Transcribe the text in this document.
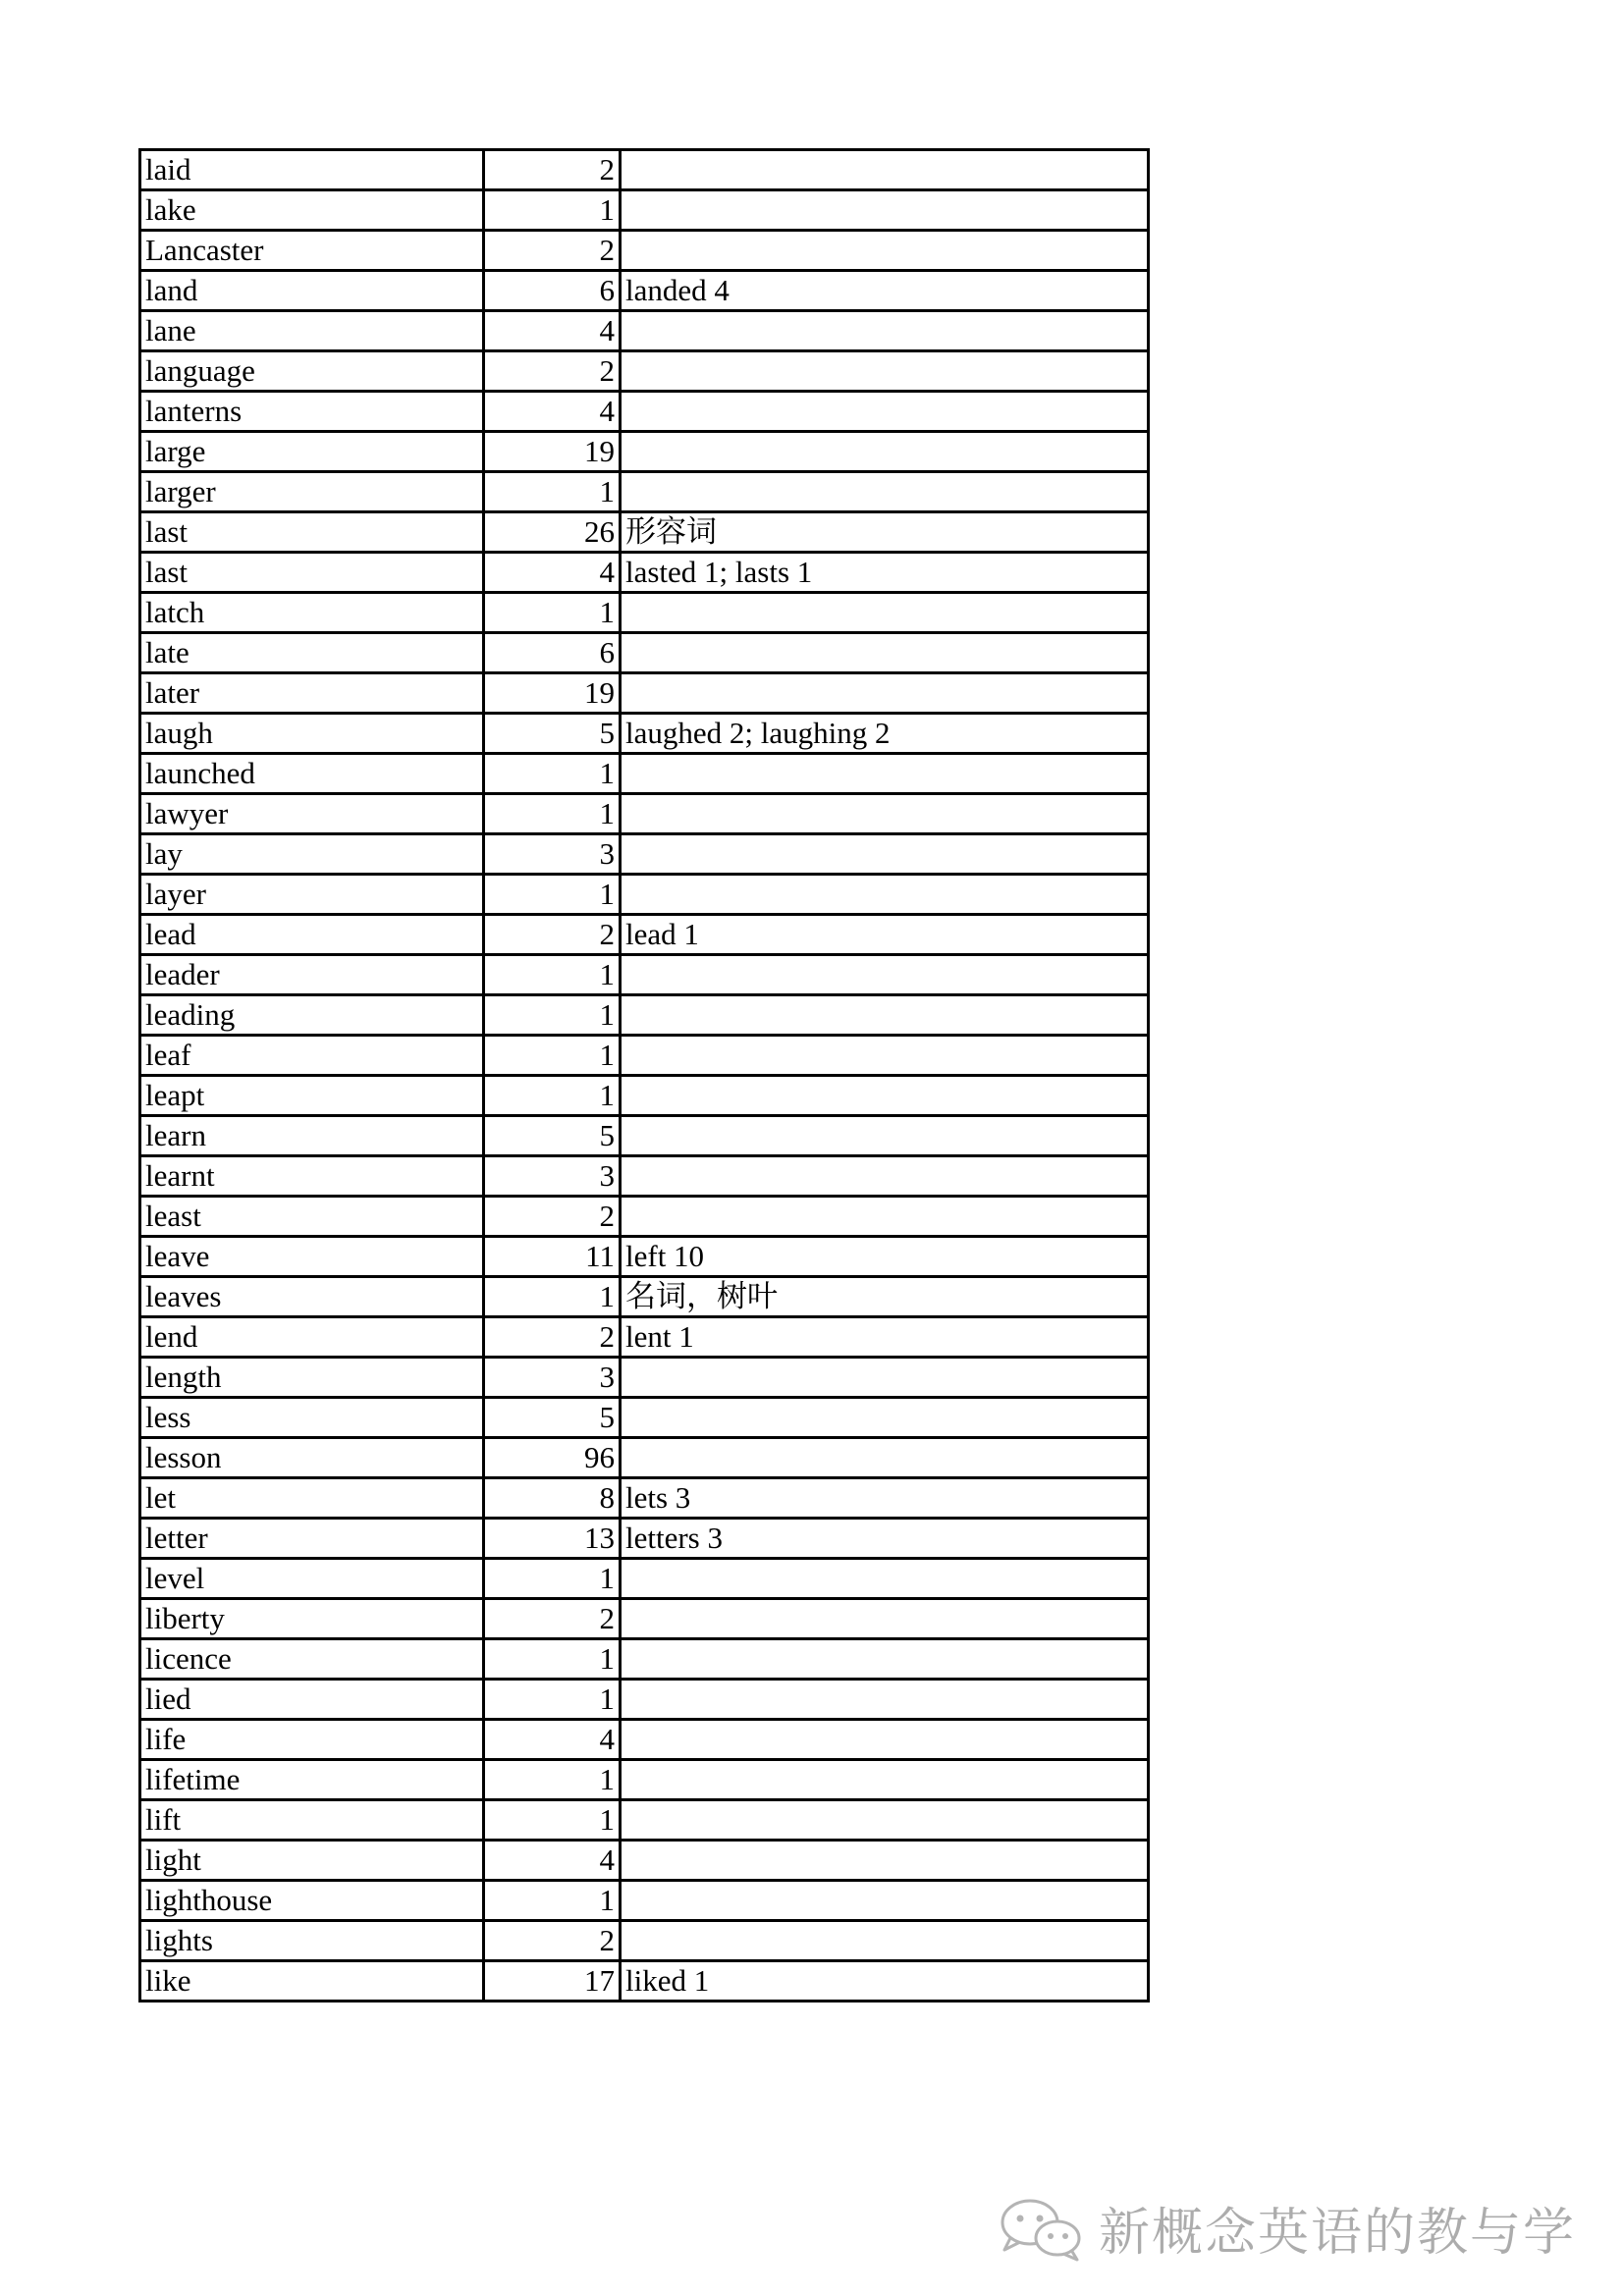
laid	2	
lake	1	
Lancaster	2	
land	6	landed 4
lane	4	
language	2	
lanterns	4	
large	19	
larger	1	
last	26	形容词
last	4	lasted 1; lasts 1
latch	1	
late	6	
later	19	
laugh	5	laughed 2; laughing 2
launched	1	
lawyer	1	
lay	3	
layer	1	
lead	2	lead 1
leader	1	
leading	1	
leaf	1	
leapt	1	
learn	5	
learnt	3	
least	2	
leave	11	left 10
leaves	1	名词，树叶
lend	2	lent 1
length	3	
less	5	
lesson	96	
let	8	lets 3
letter	13	letters 3
level	1	
liberty	2	
licence	1	
lied	1	
life	4	
lifetime	1	
lift	1	
light	4	
lighthouse	1	
lights	2	
like	17	liked 1
新概念英语的教与学
